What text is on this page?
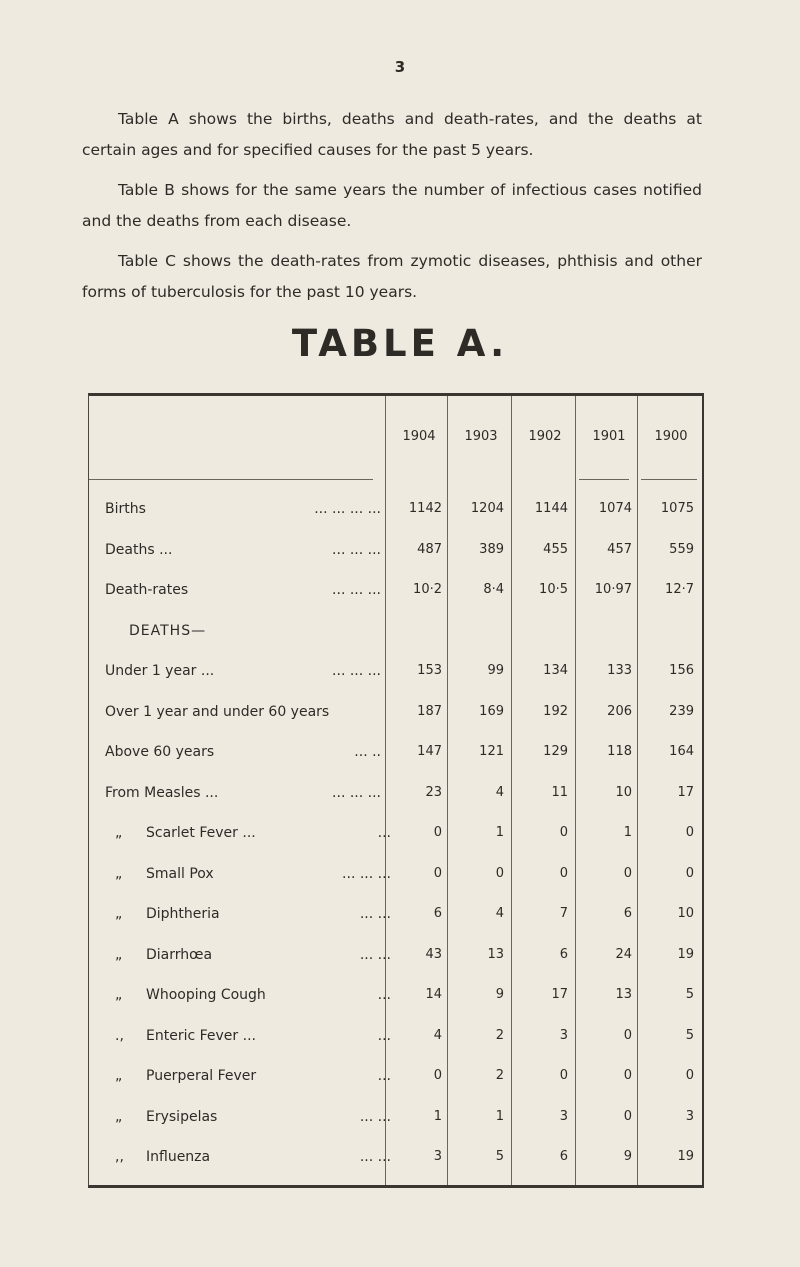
3

Table A shows the births, deaths and death-rates, and the deaths at certain ages and for specified causes for the past 5 years.

Table B shows for the same years the number of infectious cases notified and the deaths from each disease.

Table C shows the death-rates from zymotic diseases, phthisis and other forms of tuberculosis for the past 10 years.

TABLE A.
1904	1903	1902	1901	1900
Births	... ... ... ...	1142	1204	1144	1074	1075
Deaths ...	... ... ...	487	389	455	457	559
Death-rates	... ... ...	10·2	8·4	10·5	10·97	12·7
DEATHS—
Under 1 year ...	... ... ...	153	99	134	133	156
Over 1 year and under 60 years	187	169	192	206	239
Above 60 years	... ..	147	121	129	118	164
From Measles ...	... ... ...	23	4	11	10	17
„ Scarlet Fever ...	...	0	1	0	1	0
„ Small Pox	... ... ...	0	0	0	0	0
„ Diphtheria	... ...	6	4	7	6	10
„ Diarrhœa	... ...	43	13	6	24	19
„ Whooping Cough	...	14	9	17	13	5
., Enteric Fever ...	...	4	2	3	0	5
„ Puerperal Fever	...	0	2	0	0	0
„ Erysipelas	... ...	1	1	3	0	3
,, Influenza	... ...	3	5	6	9	19
